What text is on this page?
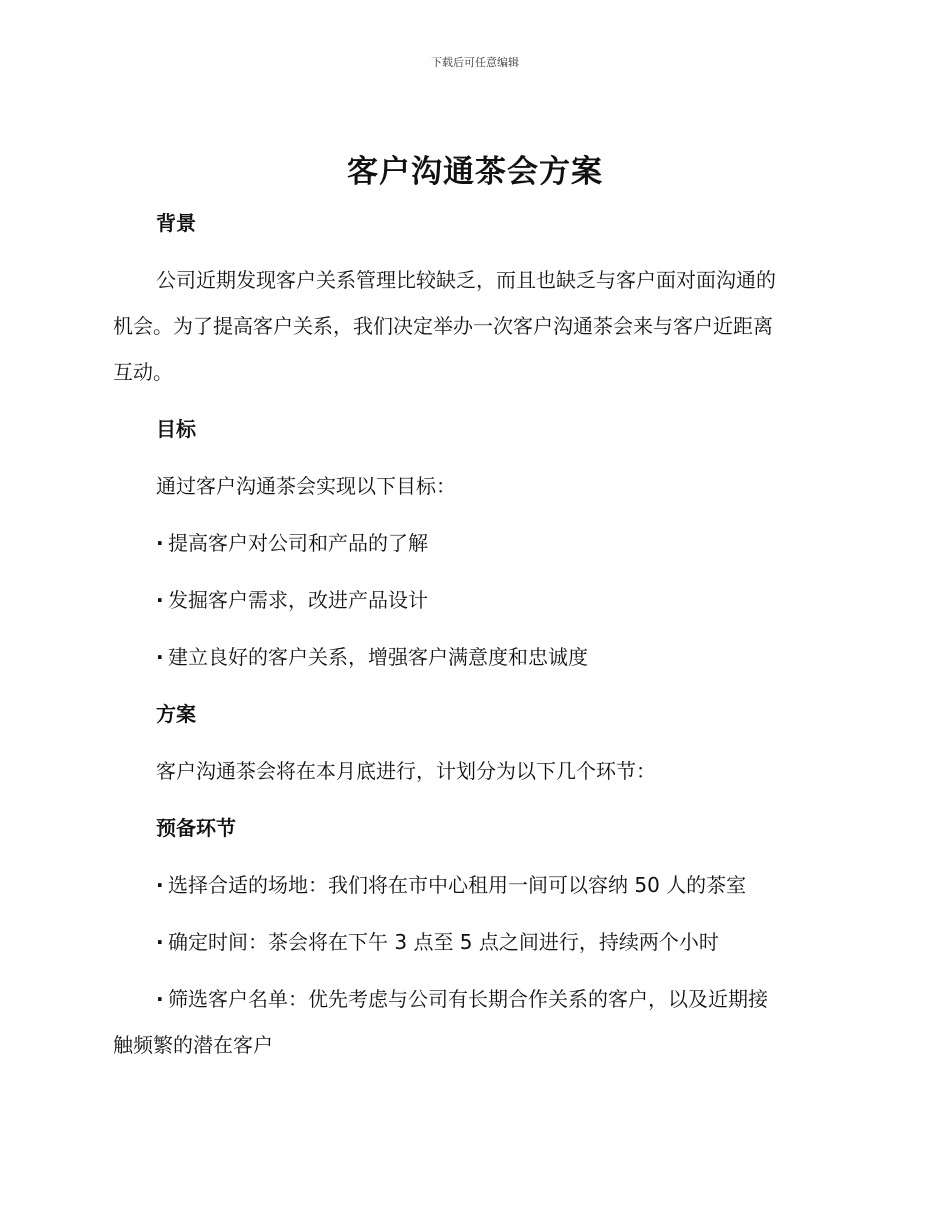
下载后可任意编辑
客户沟通茶会方案
背景
公司近期发现客户关系管理比较缺乏，而且也缺乏与客户面对面沟通的
机会。为了提高客户关系，我们决定举办一次客户沟通茶会来与客户近距离
互动。
目标
通过客户沟通茶会实现以下目标：
· 提高客户对公司和产品的了解
· 发掘客户需求，改进产品设计
· 建立良好的客户关系，增强客户满意度和忠诚度
方案
客户沟通茶会将在本月底进行，计划分为以下几个环节：
预备环节
· 选择合适的场地：我们将在市中心租用一间可以容纳 50 人的茶室
· 确定时间：茶会将在下午 3 点至 5 点之间进行，持续两个小时
· 筛选客户名单：优先考虑与公司有长期合作关系的客户，以及近期接
触频繁的潜在客户
